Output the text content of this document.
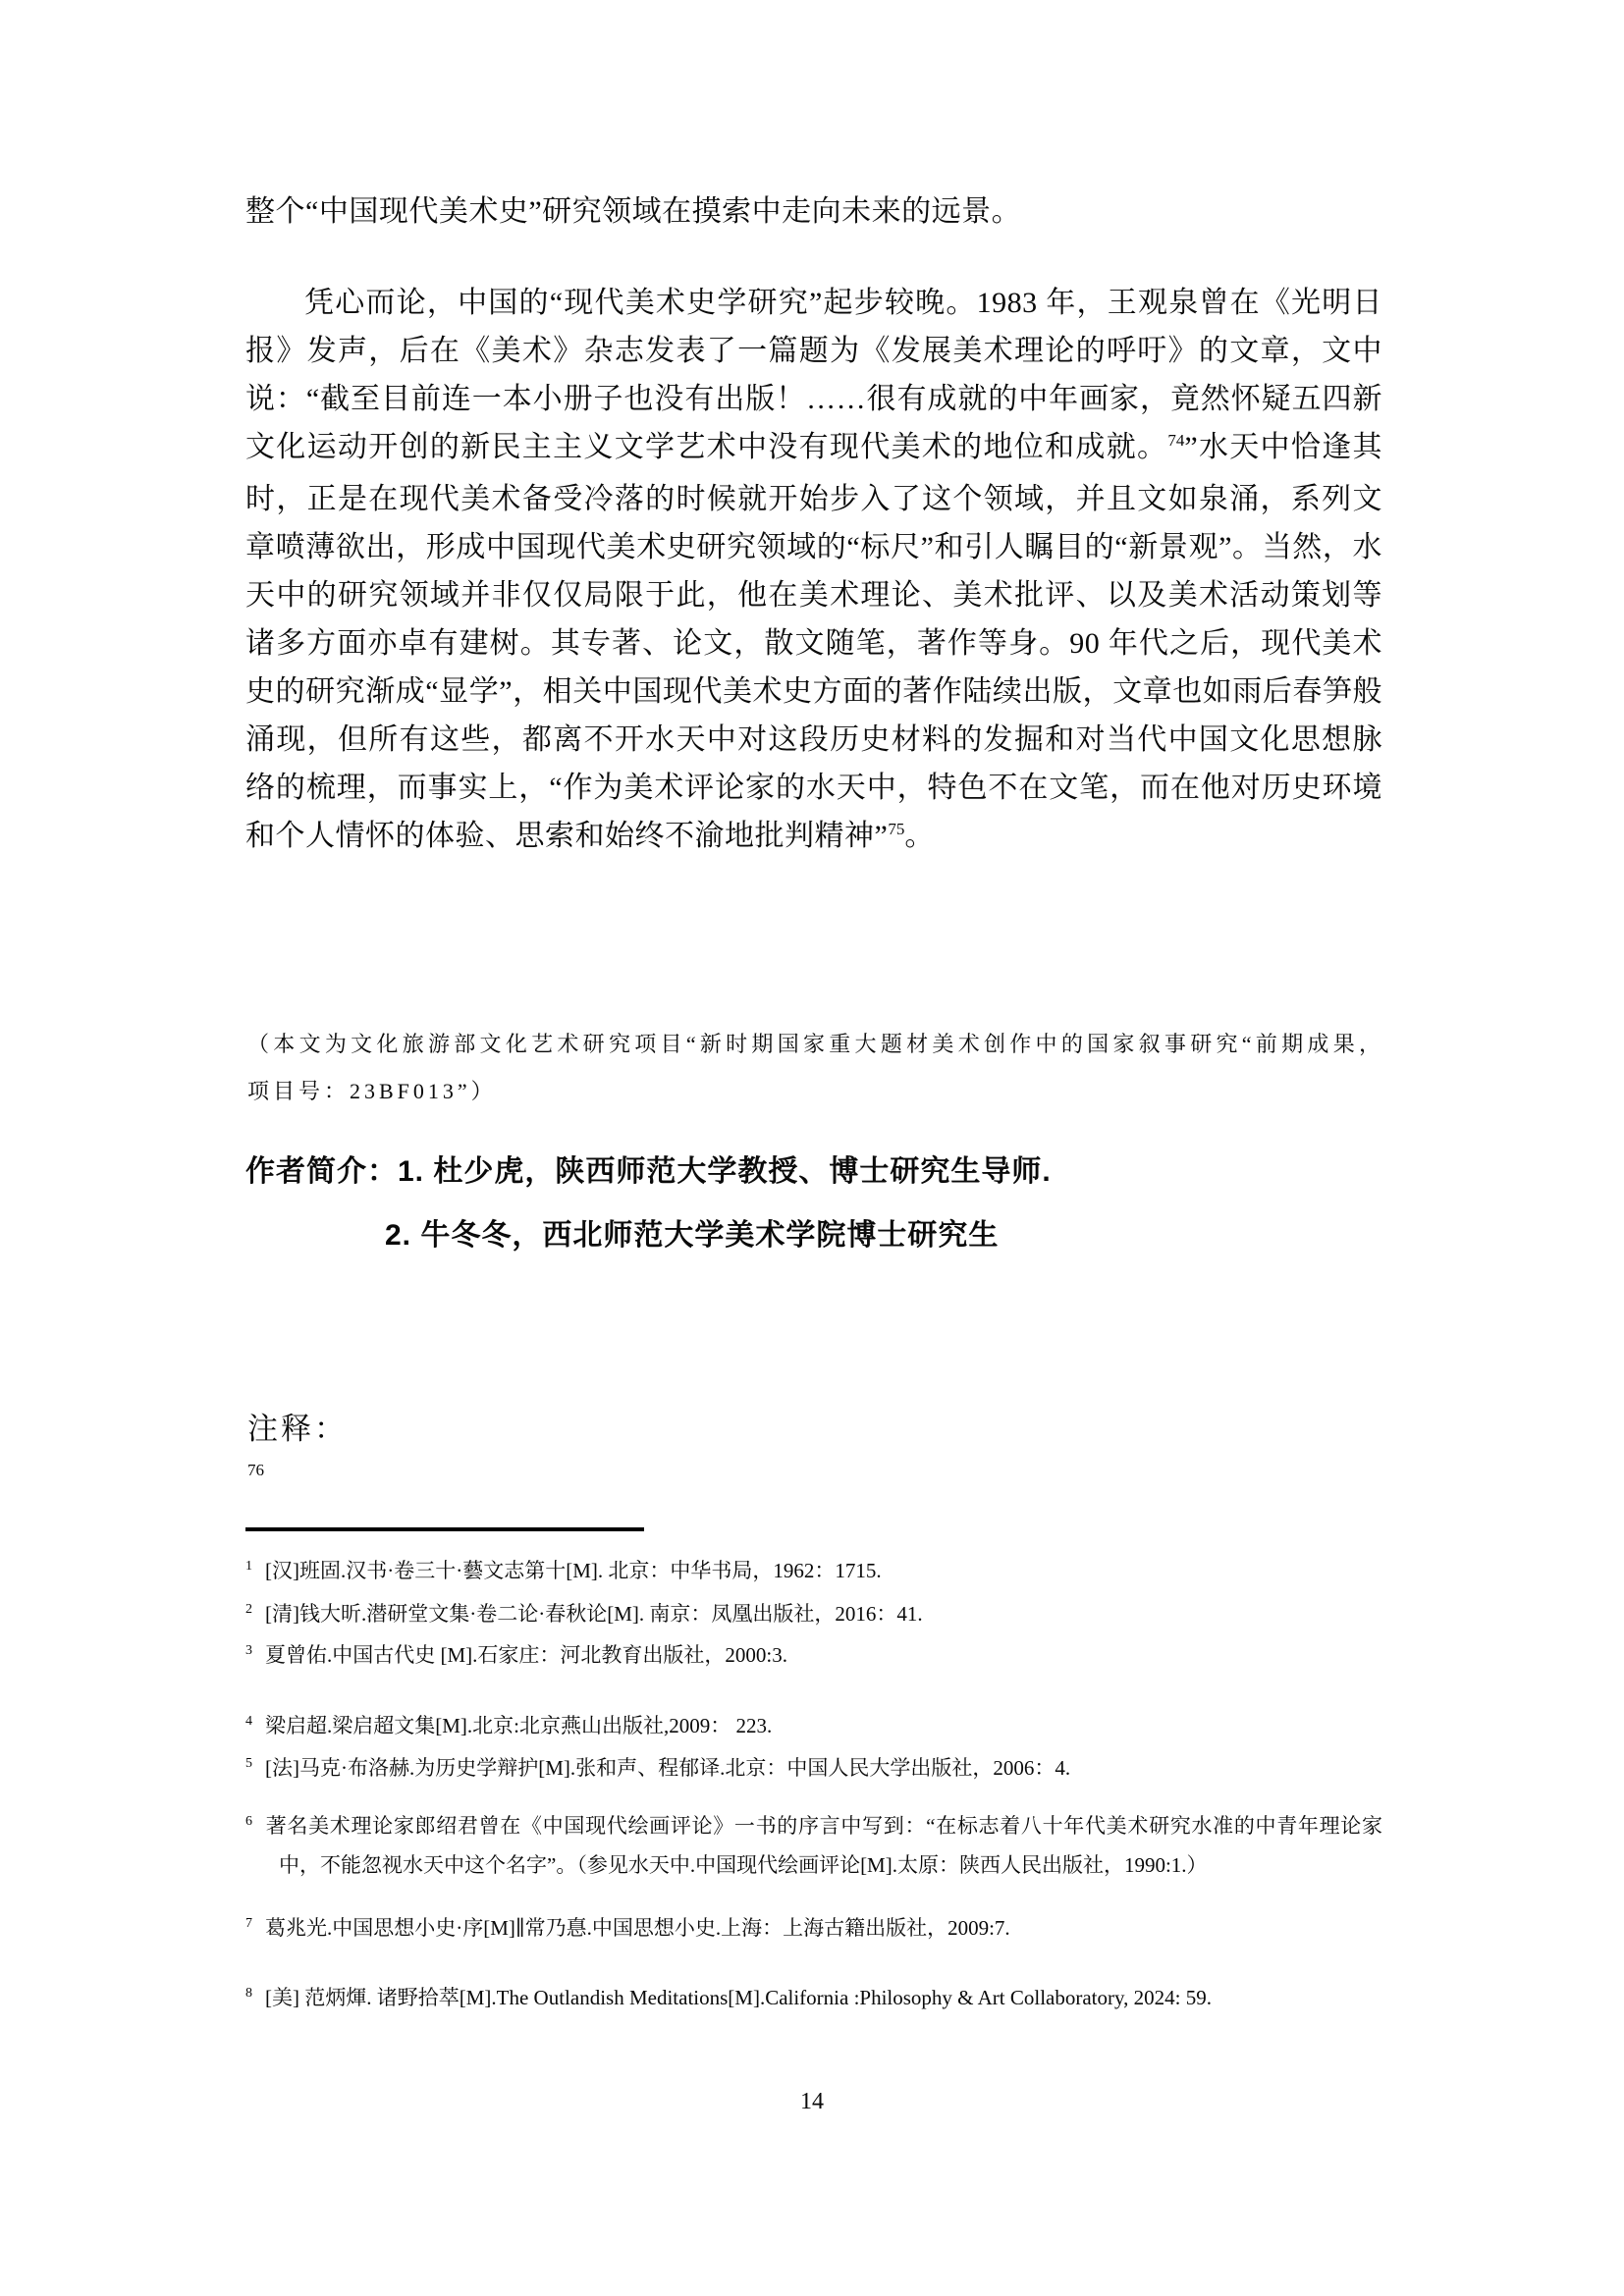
整个“中国现代美术史”研究领域在摸索中走向未来的远景。

凭心而论，中国的“现代美术史学研究”起步较晚。1983 年，王观泉曾在《光明日报》发声，后在《美术》杂志发表了一篇题为《发展美术理论的呼吁》的文章，文中说：“截至目前连一本小册子也没有出版！……很有成就的中年画家，竟然怀疑五四新文化运动开创的新民主主义文学艺术中没有现代美术的地位和成就。$^{74}$”水天中恰逢其时，正是在现代美术备受冷落的时候就开始步入了这个领域，并且文如泉涌，系列文章喷薄欲出，形成中国现代美术史研究领域的“标尺”和引人瞩目的“新景观”。当然，水天中的研究领域并非仅仅局限于此，他在美术理论、美术批评、以及美术活动策划等诸多方面亦卓有建树。其专著、论文，散文随笔，著作等身。90 年代之后，现代美术史的研究渐成“显学”，相关中国现代美术史方面的著作陆续出版，文章也如雨后春笋般涌现，但所有这些，都离不开水天中对这段历史材料的发掘和对当代中国文化思想脉络的梳理，而事实上，“作为美术评论家的水天中，特色不在文笔，而在他对历史环境和个人情怀的体验、思索和始终不渝地批判精神”$^{75}$。

（本文为文化旅游部文化艺术研究项目“新时期国家重大题材美术创作中的国家叙事研究“前期成果，项目号：23BF013”）
作者简介：1. 杜少虎，陕西师范大学教授、博士研究生导师.
2. 牛冬冬，西北师范大学美术学院博士研究生
注释：
76

$^1$ [汉]班固.汉书·卷三十·藝文志第十[M]. 北京：中华书局，1962：1715.

$^2$ [清]钱大昕.潜研堂文集·卷二论·春秋论[M]. 南京：凤凰出版社，2016：41.

$^3$ 夏曾佑.中国古代史 [M].石家庄：河北教育出版社，2000:3.

$^4$ 梁启超.梁启超文集[M].北京:北京燕山出版社,2009： 223.

$^5$ [法]马克·布洛赫.为历史学辩护[M].张和声、程郁译.北京：中国人民大学出版社，2006：4.

$^6$ 著名美术理论家郎绍君曾在《中国现代绘画评论》一书的序言中写到：“在标志着八十年代美术研究水准的中青年理论家中，不能忽视水天中这个名字”。（参见水天中.中国现代绘画评论[M].太原：陕西人民出版社，1990:1.）

$^7$ 葛兆光.中国思想小史·序[M]∥常乃惪.中国思想小史.上海：上海古籍出版社，2009:7.

$^8$ [美] 范炳煇. 诸野拾萃[M].The Outlandish Meditations[M].California :Philosophy & Art Collaboratory, 2024: 59.

14
